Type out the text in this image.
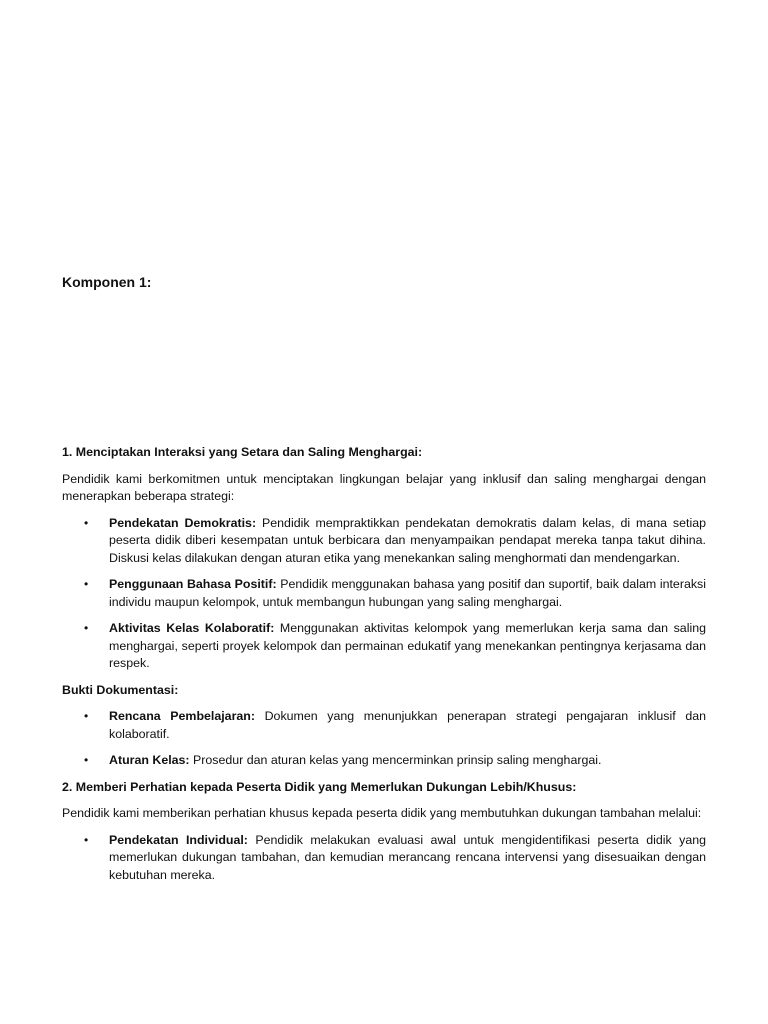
Komponen 1:

1. Menciptakan Interaksi yang Setara dan Saling Menghargai:

Pendidik kami berkomitmen untuk menciptakan lingkungan belajar yang inklusif dan saling menghargai dengan menerapkan beberapa strategi:

• Pendekatan Demokratis: Pendidik mempraktikkan pendekatan demokratis dalam kelas, di mana setiap peserta didik diberi kesempatan untuk berbicara dan menyampaikan pendapat mereka tanpa takut dihina. Diskusi kelas dilakukan dengan aturan etika yang menekankan saling menghormati dan mendengarkan.
• Penggunaan Bahasa Positif: Pendidik menggunakan bahasa yang positif dan suportif, baik dalam interaksi individu maupun kelompok, untuk membangun hubungan yang saling menghargai.
• Aktivitas Kelas Kolaboratif: Menggunakan aktivitas kelompok yang memerlukan kerja sama dan saling menghargai, seperti proyek kelompok dan permainan edukatif yang menekankan pentingnya kerjasama dan respek.

Bukti Dokumentasi:

• Rencana Pembelajaran: Dokumen yang menunjukkan penerapan strategi pengajaran inklusif dan kolaboratif.
• Aturan Kelas: Prosedur dan aturan kelas yang mencerminkan prinsip saling menghargai.

2. Memberi Perhatian kepada Peserta Didik yang Memerlukan Dukungan Lebih/Khusus:

Pendidik kami memberikan perhatian khusus kepada peserta didik yang membutuhkan dukungan tambahan melalui:

• Pendekatan Individual: Pendidik melakukan evaluasi awal untuk mengidentifikasi peserta didik yang memerlukan dukungan tambahan, dan kemudian merancang rencana intervensi yang disesuaikan dengan kebutuhan mereka.
